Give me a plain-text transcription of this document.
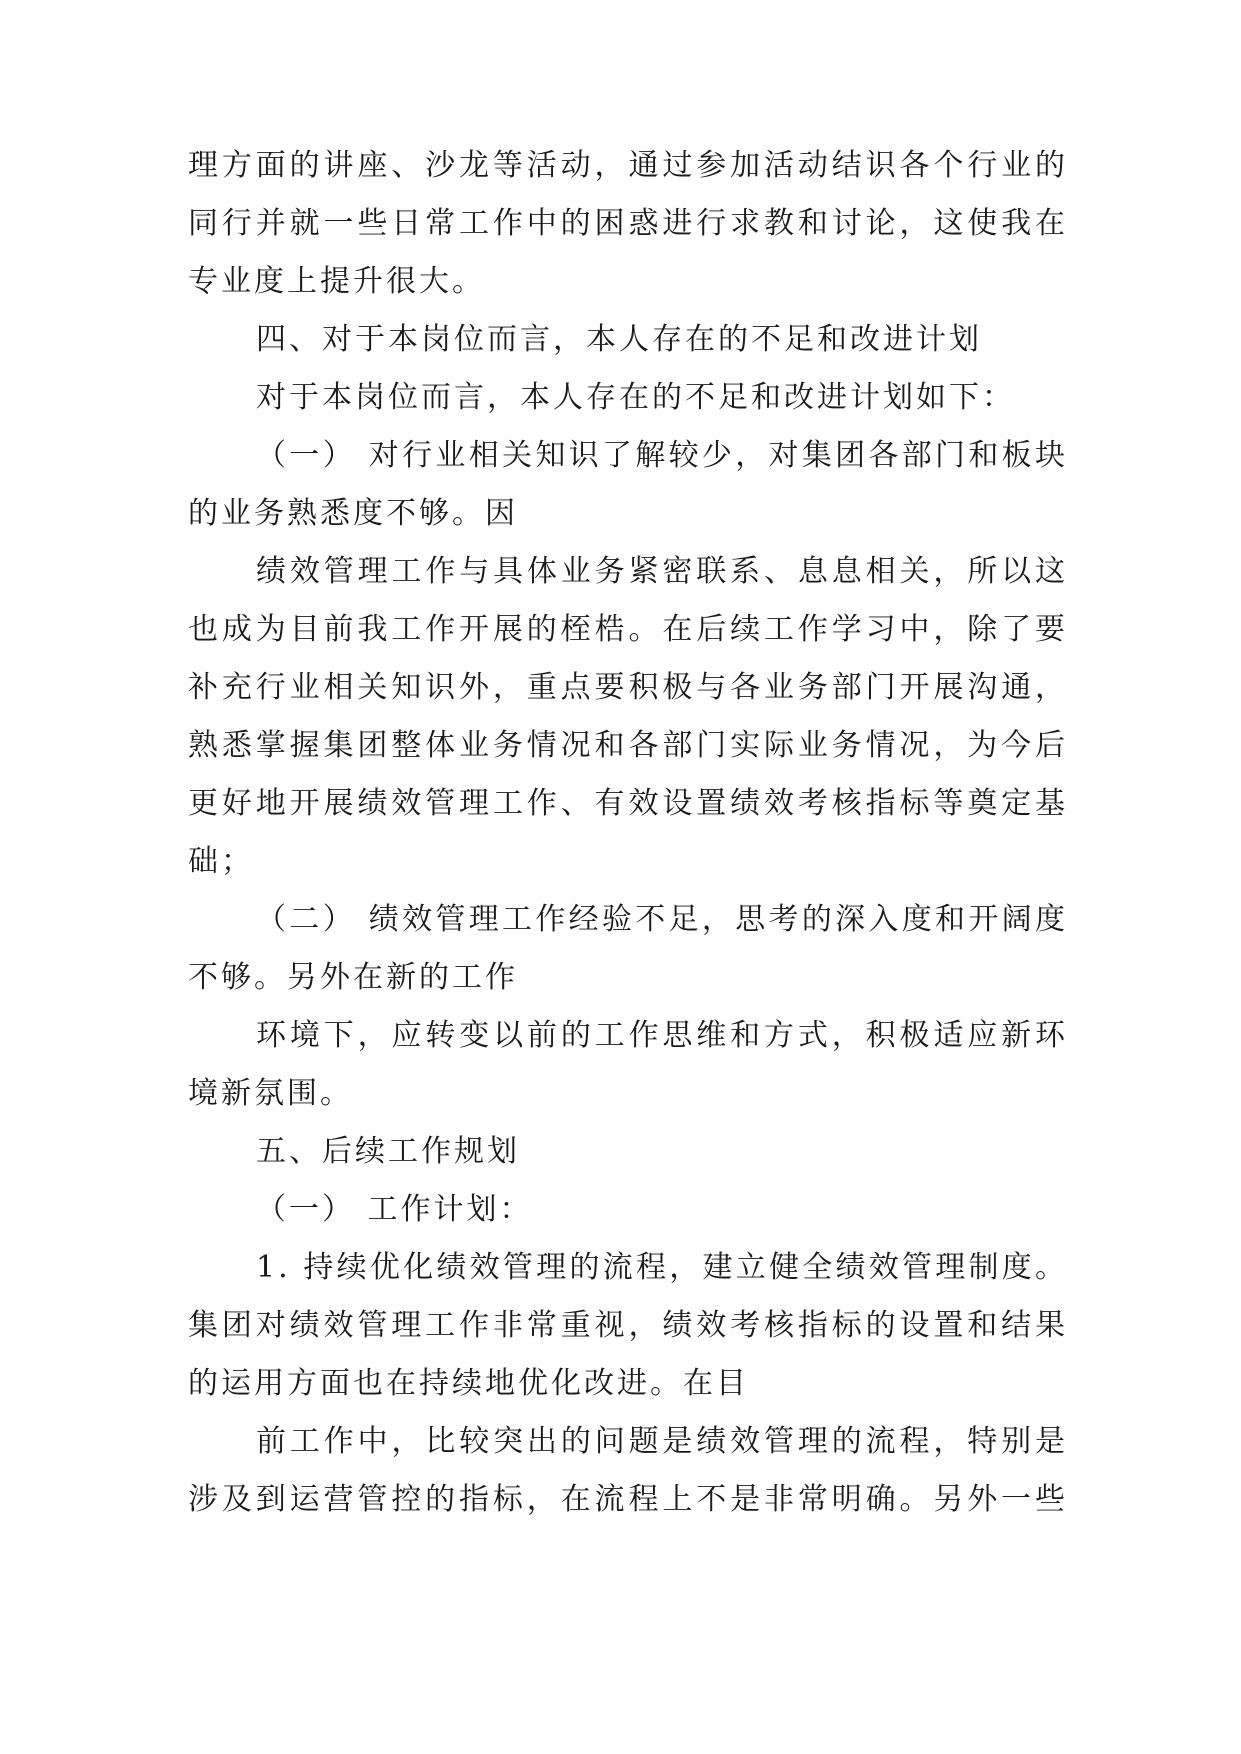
理方面的讲座、沙龙等活动，通过参加活动结识各个行业的
同行并就一些日常工作中的困惑进行求教和讨论，这使我在
专业度上提升很大。
四、对于本岗位而言，本人存在的不足和改进计划
对于本岗位而言，本人存在的不足和改进计划如下：
（一） 对行业相关知识了解较少，对集团各部门和板块
的业务熟悉度不够。因
绩效管理工作与具体业务紧密联系、息息相关，所以这
也成为目前我工作开展的桎梏。在后续工作学习中，除了要
补充行业相关知识外，重点要积极与各业务部门开展沟通，
熟悉掌握集团整体业务情况和各部门实际业务情况，为今后
更好地开展绩效管理工作、有效设置绩效考核指标等奠定基
础；
（二） 绩效管理工作经验不足，思考的深入度和开阔度
不够。另外在新的工作
环境下，应转变以前的工作思维和方式，积极适应新环
境新氛围。
五、后续工作规划
（一） 工作计划：
1. 持续优化绩效管理的流程，建立健全绩效管理制度。
集团对绩效管理工作非常重视，绩效考核指标的设置和结果
的运用方面也在持续地优化改进。在目
前工作中，比较突出的问题是绩效管理的流程，特别是
涉及到运营管控的指标，在流程上不是非常明确。另外一些
